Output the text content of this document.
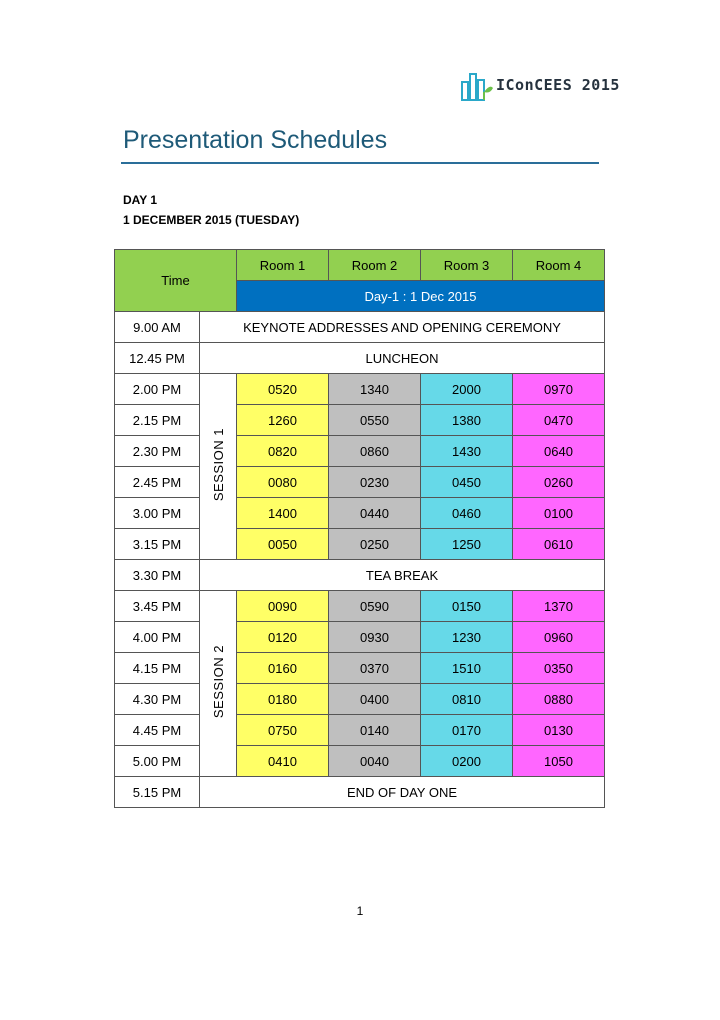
IConCEES 2015
Presentation Schedules
DAY 1
1 DECEMBER 2015 (TUESDAY)
Time		Room 1	Room 2	Room 3	Room 4
		Day-1 : 1 Dec 2015			
9.00 AM	KEYNOTE ADDRESSES AND OPENING CEREMONY				
12.45 PM	LUNCHEON				
2.00 PM	SESSION 1	0520	1340	2000	0970
2.15 PM		1260	0550	1380	0470
2.30 PM		0820	0860	1430	0640
2.45 PM		0080	0230	0450	0260
3.00 PM		1400	0440	0460	0100
3.15 PM		0050	0250	1250	0610
3.30 PM	TEA BREAK				
3.45 PM	SESSION 2	0090	0590	0150	1370
4.00 PM		0120	0930	1230	0960
4.15 PM		0160	0370	1510	0350
4.30 PM		0180	0400	0810	0880
4.45 PM		0750	0140	0170	0130
5.00 PM		0410	0040	0200	1050
5.15 PM	END OF DAY ONE				
1
